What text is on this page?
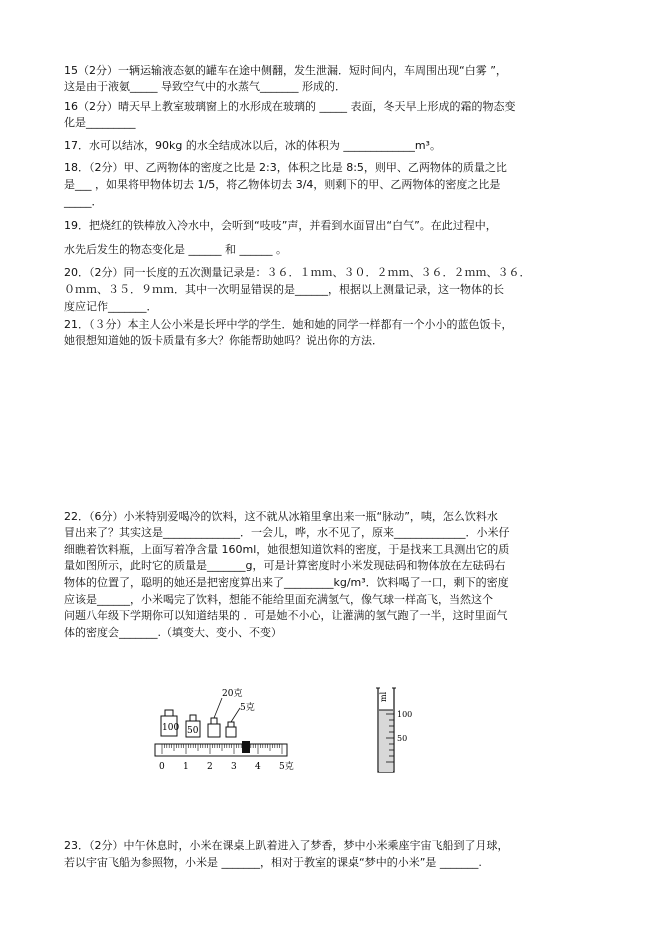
15（2分）一辆运输液态氨的罐车在途中侧翻，发生泄漏．短时间内，车周围出现“白雾 ”，
这是由于液氨_____ 导致空气中的水蒸气_______ 形成的．
16（2分）晴天早上教室玻璃窗上的水形成在玻璃的 _____ 表面，冬天早上形成的霜的物态变
化是_________
17．水可以结冰，90kg 的水全结成冰以后，冰的体积为 _____________m³。
18．（2分）甲、乙两物体的密度之比是 2:3，体积之比是 8:5，则甲、乙两物体的质量之比
是___ ，如果将甲物体切去 1/5，将乙物体切去 3/4，则剩下的甲、乙两物体的密度之比是
_____．
19．把烧红的铁棒放入冷水中，会听到“吱吱”声，并看到水面冒出“白气”。在此过程中，
水先后发生的物态变化是 ______ 和 ______ 。
20．（2分）同一长度的五次测量记录是：３６．１ｍｍ、３０．２ｍｍ、３６．２ｍｍ、３６．
０ｍｍ、３５．９ｍｍ．其中一次明显错误的是______，根据以上测量记录，这一物体的长
度应记作_______．
21．（３分）本主人公小米是长坪中学的学生．她和她的同学一样都有一个小小的蓝色饭卡，
她很想知道她的饭卡质量有多大？你能帮助她吗？说出你的方法．
22．（6分）小米特别爱喝冷的饮料，这不就从冰箱里拿出来一瓶“脉动”，咦，怎么饮料水
冒出来了？其实这是______________．一会儿，哗，水不见了，原来_____________．小米仔
细瞧着饮料瓶，上面写着净含量 160ml，她很想知道饮料的密度，于是找来工具测出它的质
量如图所示，此时它的质量是_______g，可是计算密度时小米发现砝码和物体放在左砝码右
物体的位置了，聪明的她还是把密度算出来了_________kg/m³．饮料喝了一口，剩下的密度
应该是______，小米喝完了饮料，想能不能给里面充满氢气，像气球一样高飞，当然这个
问题八年级下学期你可以知道结果的 ．可是她不小心，让灌满的氢气跑了一半，这时里面气
体的密度会_______.（填变大、变小、不变）
100 50
20克
5克
0 1 2 3 4 5克
ml
100
50
23．（2分）中午休息时，小米在课桌上趴着进入了梦香，梦中小米乘座宇宙飞船到了月球，
若以宇宙飞船为参照物，小米是 _______，相对于教室的课桌“梦中的小米”是 _______.
